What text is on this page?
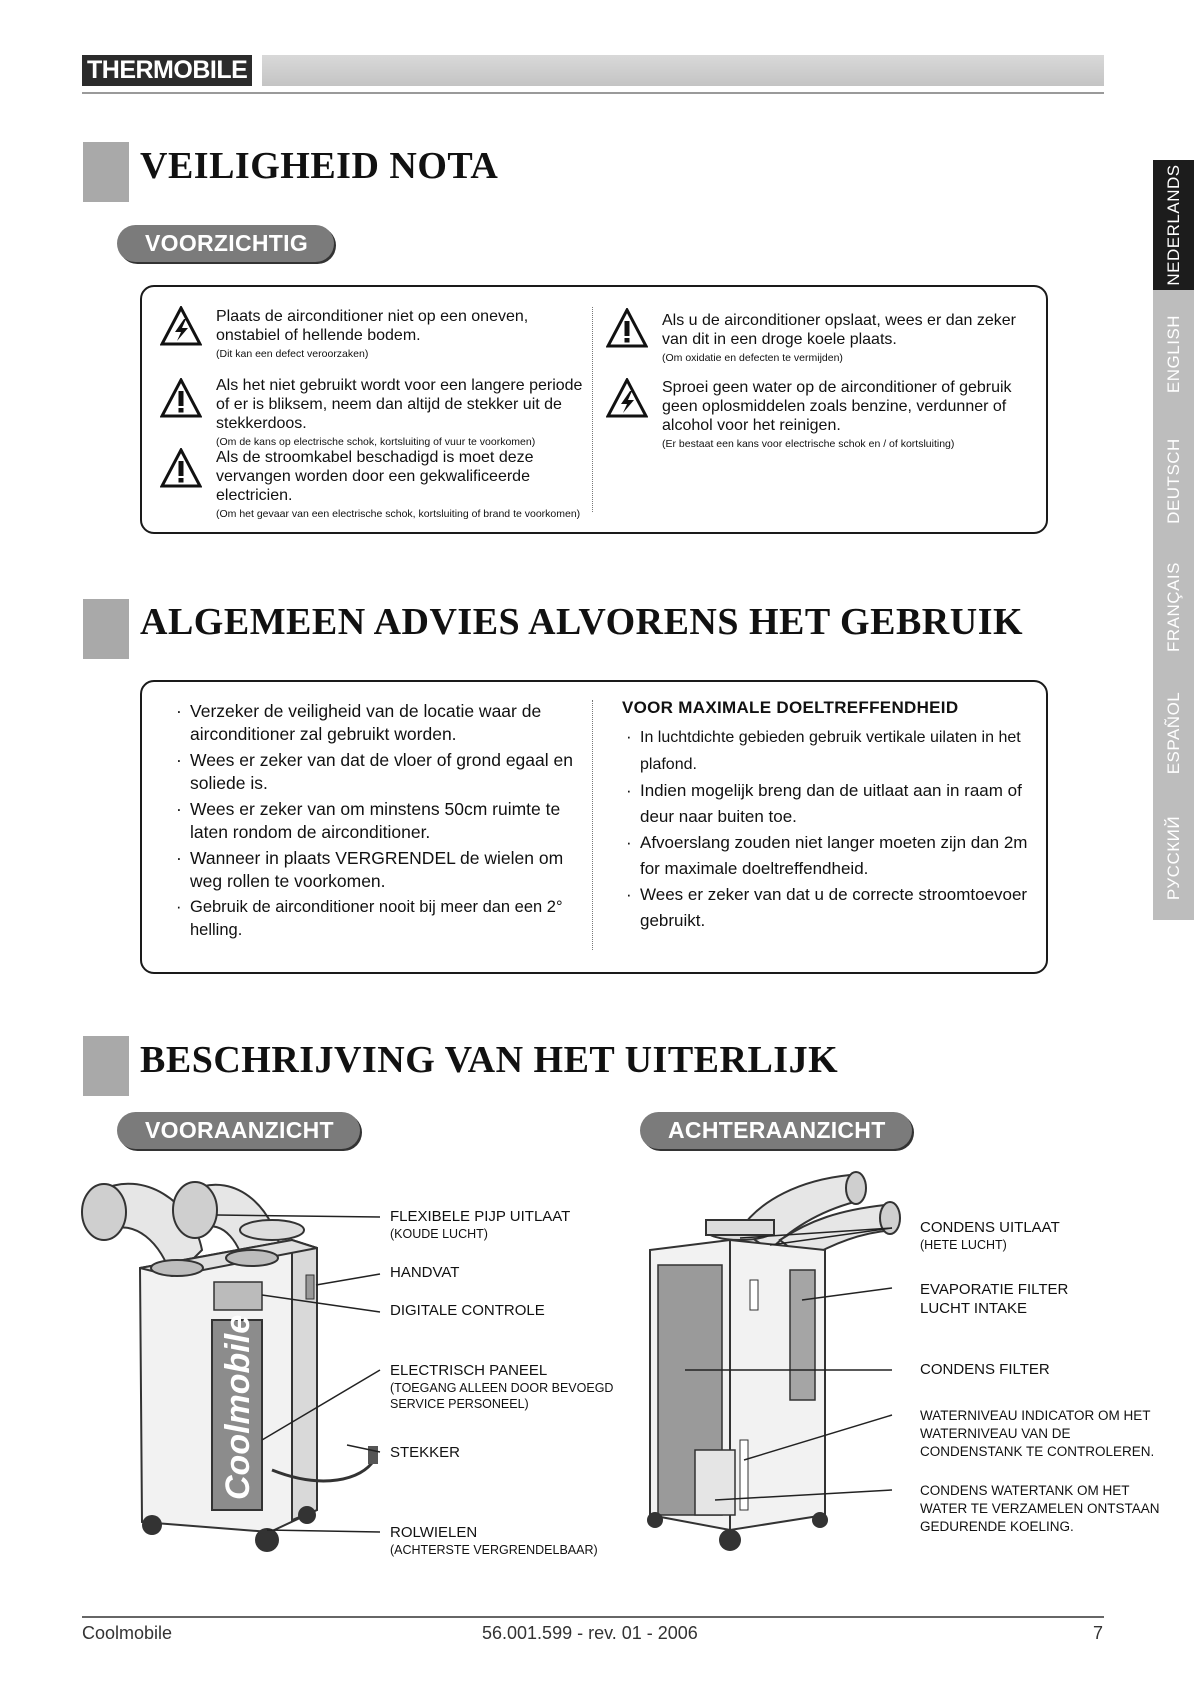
THERMOBILE
NEDERLANDS
ENGLISH
DEUTSCH
FRANÇAIS
ESPAÑOL
РУССКИЙ
VEILIGHEID NOTA
VOORZICHTIG
Plaats de airconditioner niet op een oneven, onstabiel of hellende bodem.
(Dit kan een defect veroorzaken)
Als het niet gebruikt wordt voor een langere periode of er is bliksem, neem dan altijd de stekker uit de stekkerdoos.
(Om de kans op electrische schok, kortsluiting of vuur te voorkomen)
Als de stroomkabel beschadigd is moet deze vervangen worden door een gekwalificeerde electricien.
(Om het gevaar van een electrische schok, kortsluiting of brand te voorkomen)
Als u de airconditioner opslaat, wees er dan zeker van dit in een droge koele plaats.
(Om oxidatie en defecten te vermijden)
Sproei geen water op de airconditioner of gebruik geen oplosmiddelen zoals benzine, verdunner of alcohol voor het reinigen.
(Er bestaat een kans voor electrische schok en / of kortsluiting)
ALGEMEEN ADVIES ALVORENS HET GEBRUIK
· Verzeker de veiligheid van de locatie waar de airconditioner zal gebruikt worden.
· Wees er zeker van dat de vloer of grond egaal en soliede is.
· Wees er zeker van om minstens 50cm ruimte te laten rondom de airconditioner.
· Wanneer in plaats VERGRENDEL de wielen om weg rollen te voorkomen.
· Gebruik de airconditioner nooit bij meer dan een 2° helling.
VOOR MAXIMALE DOELTREFFENDHEID
· In luchtdichte gebieden gebruik vertikale uilaten in het plafond.
· Indien mogelijk breng dan de uitlaat aan in raam of deur naar buiten toe.
· Afvoerslang zouden niet langer moeten zijn dan 2m for maximale doeltreffendheid.
· Wees er zeker van dat u de correcte stroomtoevoer gebruikt.
BESCHRIJVING VAN HET UITERLIJK
VOORAANZICHT	ACHTERAANZICHT
Coolmobile
FLEXIBELE PIJP UITLAAT
(KOUDE LUCHT)
HANDVAT
DIGITALE CONTROLE
ELECTRISCH PANEEL
(TOEGANG ALLEEN DOOR BEVOEGD SERVICE PERSONEEL)
STEKKER
ROLWIELEN
(ACHTERSTE VERGRENDELBAAR)
CONDENS UITLAAT
(HETE LUCHT)
EVAPORATIE FILTER LUCHT INTAKE
CONDENS FILTER
WATERNIVEAU INDICATOR OM HET WATERNIVEAU VAN DE CONDENSTANK TE CONTROLEREN.
CONDENS WATERTANK OM HET WATER TE VERZAMELEN ONTSTAAN GEDURENDE KOELING.
Coolmobile	56.001.599 - rev. 01 - 2006	7
